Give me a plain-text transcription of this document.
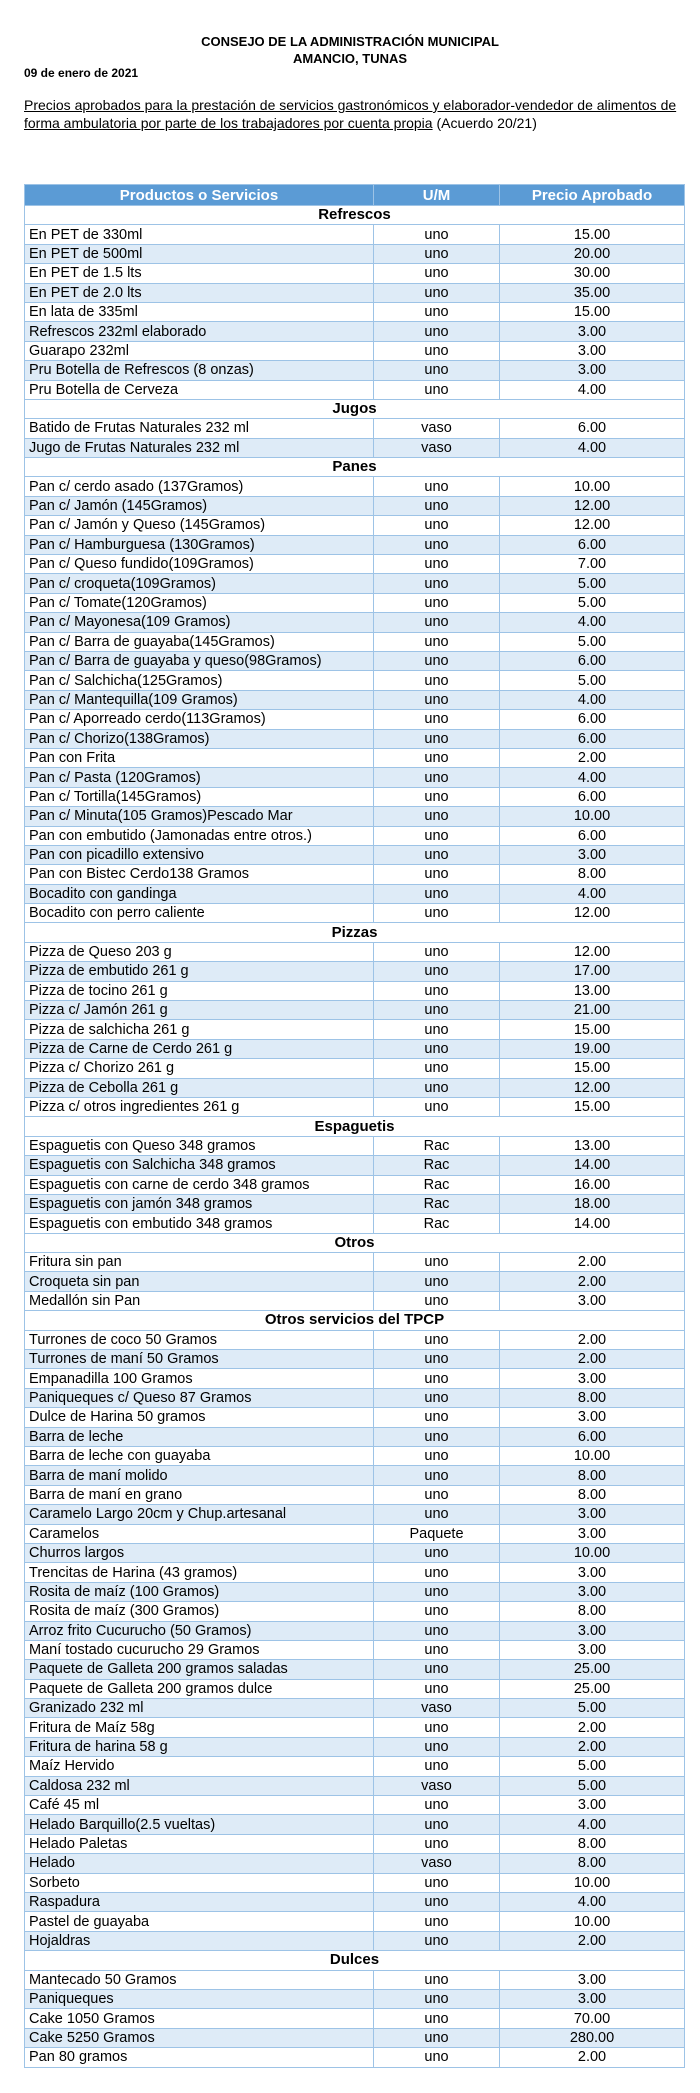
CONSEJO DE LA ADMINISTRACIÓN MUNICIPAL
AMANCIO, TUNAS
09 de enero de 2021
Precios aprobados para la prestación de servicios gastronómicos y elaborador-vendedor de alimentos de forma ambulatoria por parte de los trabajadores por cuenta propia (Acuerdo 20/21)
Productos o Servicios	U/M	Precio Aprobado
Refrescos		
En PET de 330ml	uno	15.00
En PET de 500ml	uno	20.00
En PET de 1.5 lts	uno	30.00
En PET de 2.0 lts	uno	35.00
En lata de 335ml	uno	15.00
Refrescos 232ml elaborado	uno	3.00
Guarapo 232ml	uno	3.00
Pru Botella de Refrescos (8 onzas)	uno	3.00
Pru Botella de Cerveza	uno	4.00
Jugos		
Batido de Frutas Naturales 232 ml	vaso	6.00
Jugo de Frutas Naturales 232 ml	vaso	4.00
Panes		
Pan c/ cerdo asado (137Gramos)	uno	10.00
Pan c/ Jamón (145Gramos)	uno	12.00
Pan c/ Jamón y Queso (145Gramos)	uno	12.00
Pan c/ Hamburguesa (130Gramos)	uno	6.00
Pan c/ Queso fundido(109Gramos)	uno	7.00
Pan c/ croqueta(109Gramos)	uno	5.00
Pan c/ Tomate(120Gramos)	uno	5.00
Pan c/ Mayonesa(109 Gramos)	uno	4.00
Pan c/ Barra de guayaba(145Gramos)	uno	5.00
Pan c/ Barra de guayaba y queso(98Gramos)	uno	6.00
Pan c/ Salchicha(125Gramos)	uno	5.00
Pan c/ Mantequilla(109 Gramos)	uno	4.00
Pan c/ Aporreado cerdo(113Gramos)	uno	6.00
Pan c/ Chorizo(138Gramos)	uno	6.00
Pan con Frita	uno	2.00
Pan c/ Pasta (120Gramos)	uno	4.00
Pan c/ Tortilla(145Gramos)	uno	6.00
Pan c/ Minuta(105 Gramos)Pescado Mar	uno	10.00
Pan con embutido (Jamonadas entre otros.)	uno	6.00
Pan con picadillo extensivo	uno	3.00
Pan con Bistec Cerdo138 Gramos	uno	8.00
Bocadito con gandinga	uno	4.00
Bocadito con perro caliente	uno	12.00
Pizzas		
Pizza de Queso 203 g	uno	12.00
Pizza de embutido 261 g	uno	17.00
Pizza de tocino 261 g	uno	13.00
Pizza c/ Jamón 261 g	uno	21.00
Pizza de salchicha 261 g	uno	15.00
Pizza de Carne de Cerdo 261 g	uno	19.00
Pizza c/ Chorizo 261 g	uno	15.00
Pizza de Cebolla 261 g	uno	12.00
Pizza c/ otros ingredientes 261 g	uno	15.00
Espaguetis		
Espaguetis con Queso 348 gramos	Rac	13.00
Espaguetis con Salchicha 348 gramos	Rac	14.00
Espaguetis con carne de cerdo 348 gramos	Rac	16.00
Espaguetis con jamón 348 gramos	Rac	18.00
Espaguetis con embutido 348 gramos	Rac	14.00
Otros		
Fritura sin pan	uno	2.00
Croqueta sin pan	uno	2.00
Medallón sin Pan	uno	3.00
Otros servicios del TPCP		
Turrones de coco 50 Gramos	uno	2.00
Turrones de maní 50 Gramos	uno	2.00
Empanadilla 100 Gramos	uno	3.00
Paniqueques c/ Queso 87 Gramos	uno	8.00
Dulce de Harina 50 gramos	uno	3.00
Barra de leche	uno	6.00
Barra de leche con guayaba	uno	10.00
Barra de maní molido	uno	8.00
Barra de maní en grano	uno	8.00
Caramelo Largo 20cm y Chup.artesanal	uno	3.00
Caramelos	Paquete	3.00
Churros largos	uno	10.00
Trencitas de Harina (43 gramos)	uno	3.00
Rosita de maíz (100 Gramos)	uno	3.00
Rosita de maíz (300 Gramos)	uno	8.00
Arroz frito Cucurucho (50 Gramos)	uno	3.00
Maní tostado cucurucho 29 Gramos	uno	3.00
Paquete de Galleta 200 gramos saladas	uno	25.00
Paquete de Galleta 200 gramos dulce	uno	25.00
Granizado 232 ml	vaso	5.00
Fritura de Maíz 58g	uno	2.00
Fritura de harina 58 g	uno	2.00
Maíz Hervido	uno	5.00
Caldosa 232 ml	vaso	5.00
Café 45 ml	uno	3.00
Helado Barquillo(2.5 vueltas)	uno	4.00
Helado Paletas	uno	8.00
Helado	vaso	8.00
Sorbeto	uno	10.00
Raspadura	uno	4.00
Pastel de guayaba	uno	10.00
Hojaldras	uno	2.00
Dulces		
Mantecado 50 Gramos	uno	3.00
Paniqueques	uno	3.00
Cake 1050 Gramos	uno	70.00
Cake 5250 Gramos	uno	280.00
Pan 80 gramos	uno	2.00
